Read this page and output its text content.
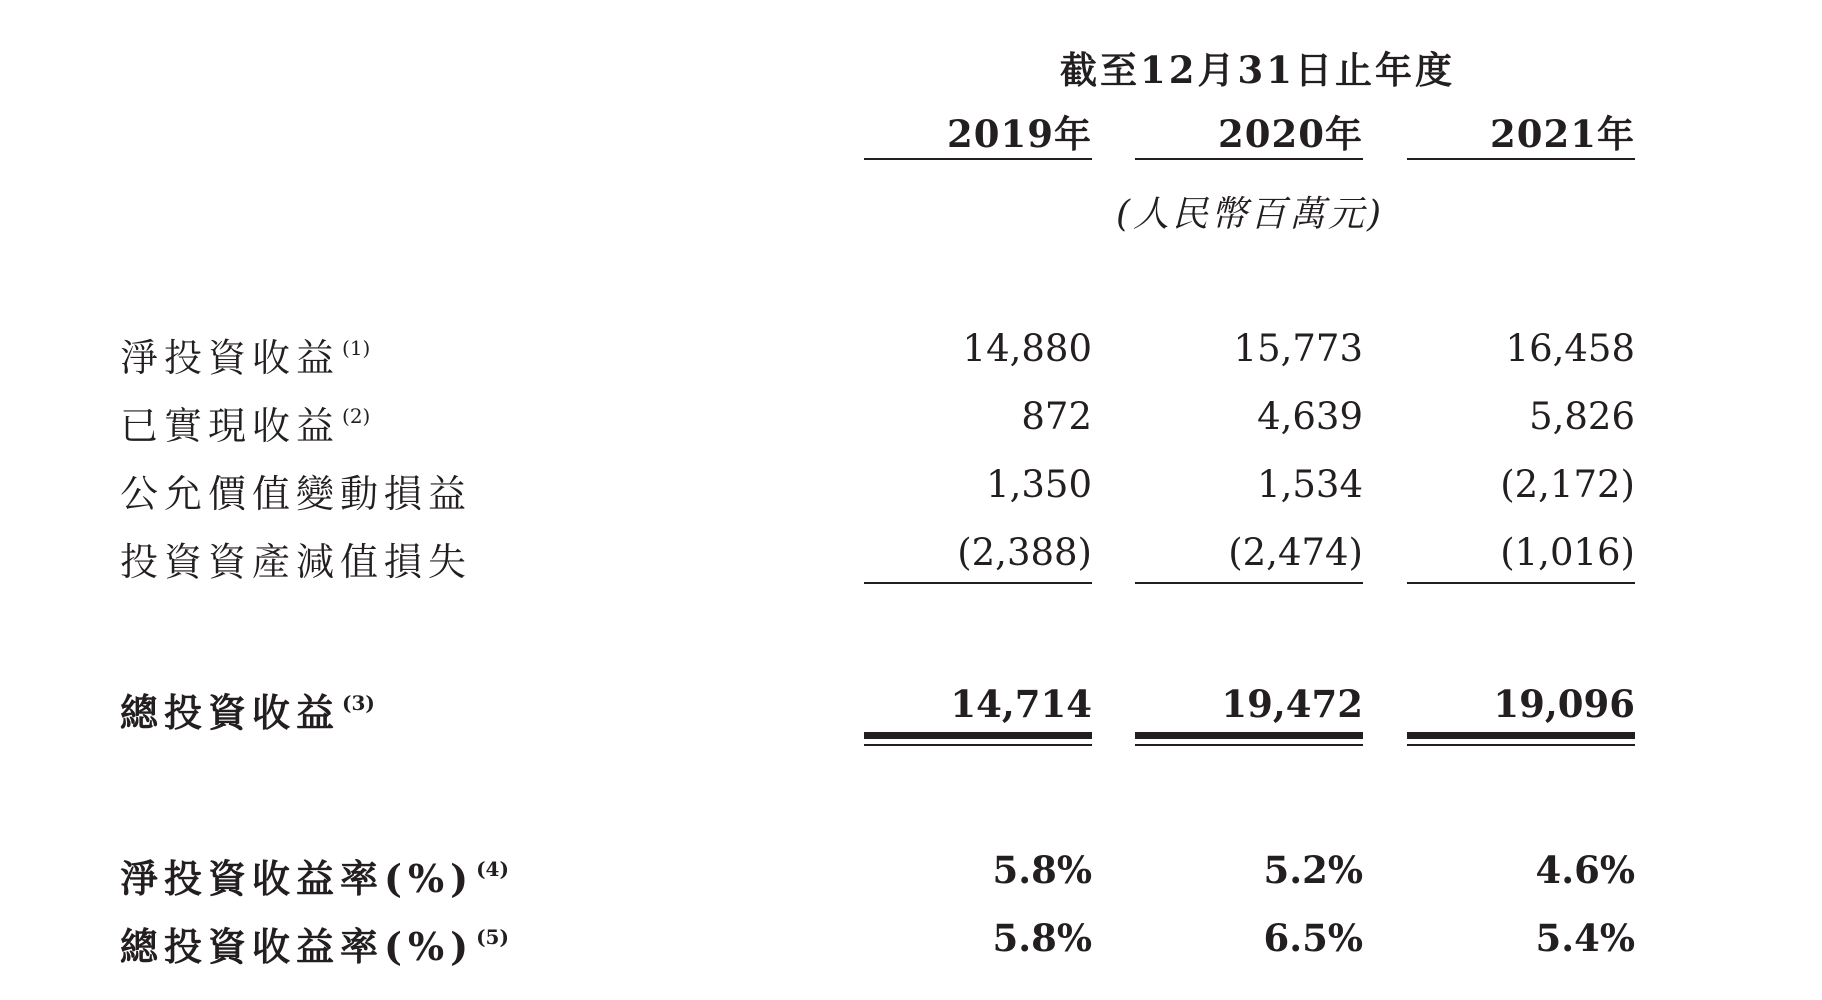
截至12月31日止年度
2019年	2020年	2021年
(人民幣百萬元)
淨投資收益 $^{(1)}$	14,880	15,773	16,458
已實現收益 $^{(2)}$	872	4,639	5,826
公允價值變動損益	1,350	1,534	(2,172)
投資資產減值損失	(2,388)	(2,474)	(1,016)
總投資收益 $^{(3)}$	14,714	19,472	19,096
淨投資收益率(%) $^{(4)}$	5.8%	5.2%	4.6%
總投資收益率(%) $^{(5)}$	5.8%	6.5%	5.4%
